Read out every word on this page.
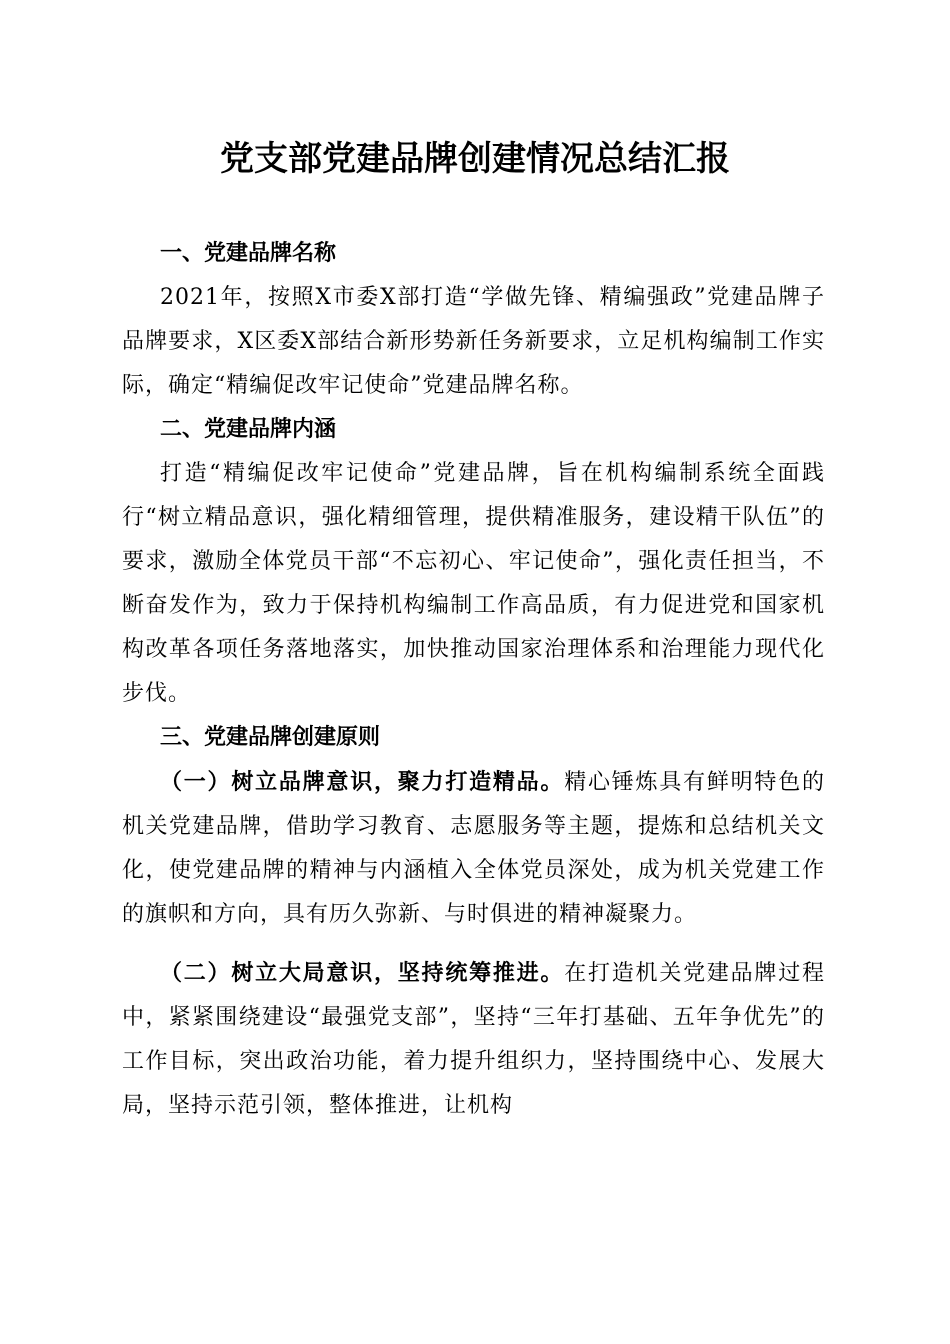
党支部党建品牌创建情况总结汇报
一、党建品牌名称

2021年，按照X市委X部打造“学做先锋、精编强政”党建品牌子品牌要求，X区委X部结合新形势新任务新要求，立足机构编制工作实际，确定“精编促改牢记使命”党建品牌名称。

二、党建品牌内涵

打造“精编促改牢记使命”党建品牌，旨在机构编制系统全面践行“树立精品意识，强化精细管理，提供精准服务，建设精干队伍”的要求，激励全体党员干部“不忘初心、牢记使命”，强化责任担当，不断奋发作为，致力于保持机构编制工作高品质，有力促进党和国家机构改革各项任务落地落实，加快推动国家治理体系和治理能力现代化步伐。

三、党建品牌创建原则

（一）树立品牌意识，聚力打造精品。精心锤炼具有鲜明特色的机关党建品牌，借助学习教育、志愿服务等主题，提炼和总结机关文化，使党建品牌的精神与内涵植入全体党员深处，成为机关党建工作的旗帜和方向，具有历久弥新、与时俱进的精神凝聚力。

（二）树立大局意识，坚持统筹推进。在打造机关党建品牌过程中，紧紧围绕建设“最强党支部”，坚持“三年打基础、五年争优先”的工作目标，突出政治功能，着力提升组织力，坚持围绕中心、发展大局，坚持示范引领，整体推进，让机构
